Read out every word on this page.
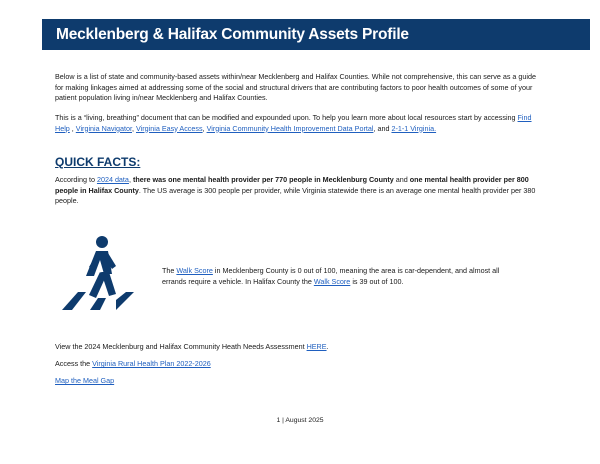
Mecklenberg & Halifax Community Assets Profile
Below is a list of state and community-based assets within/near Mecklenberg and Halifax Counties. While not comprehensive, this can serve as a guide for making linkages aimed at addressing some of the social and structural drivers that are contributing factors to poor health outcomes of some of your patient population living in/near Mecklenberg and Halifax Counties.
This is a “living, breathing” document that can be modified and expounded upon. To help you learn more about local resources start by accessing Find Help , Virginia Navigator, Virginia Easy Access, Virginia Community Health Improvement Data Portal, and 2-1-1 Virginia.
QUICK FACTS:
According to 2024 data, there was one mental health provider per 770 people in Mecklenburg County and one mental health provider per 800 people in Halifax County. The US average is 300 people per provider, while Virginia statewide there is an average one mental health provider per 380 people.
The Walk Score in Mecklenberg County is 0 out of 100, meaning the area is car-dependent, and almost all errands require a vehicle. In Halifax County the Walk Score is 39 out of 100.
View the 2024 Mecklenburg and Halifax Community Heath Needs Assessment HERE.
Access the Virginia Rural Health Plan 2022-2026
Map the Meal Gap
1 | August 2025
